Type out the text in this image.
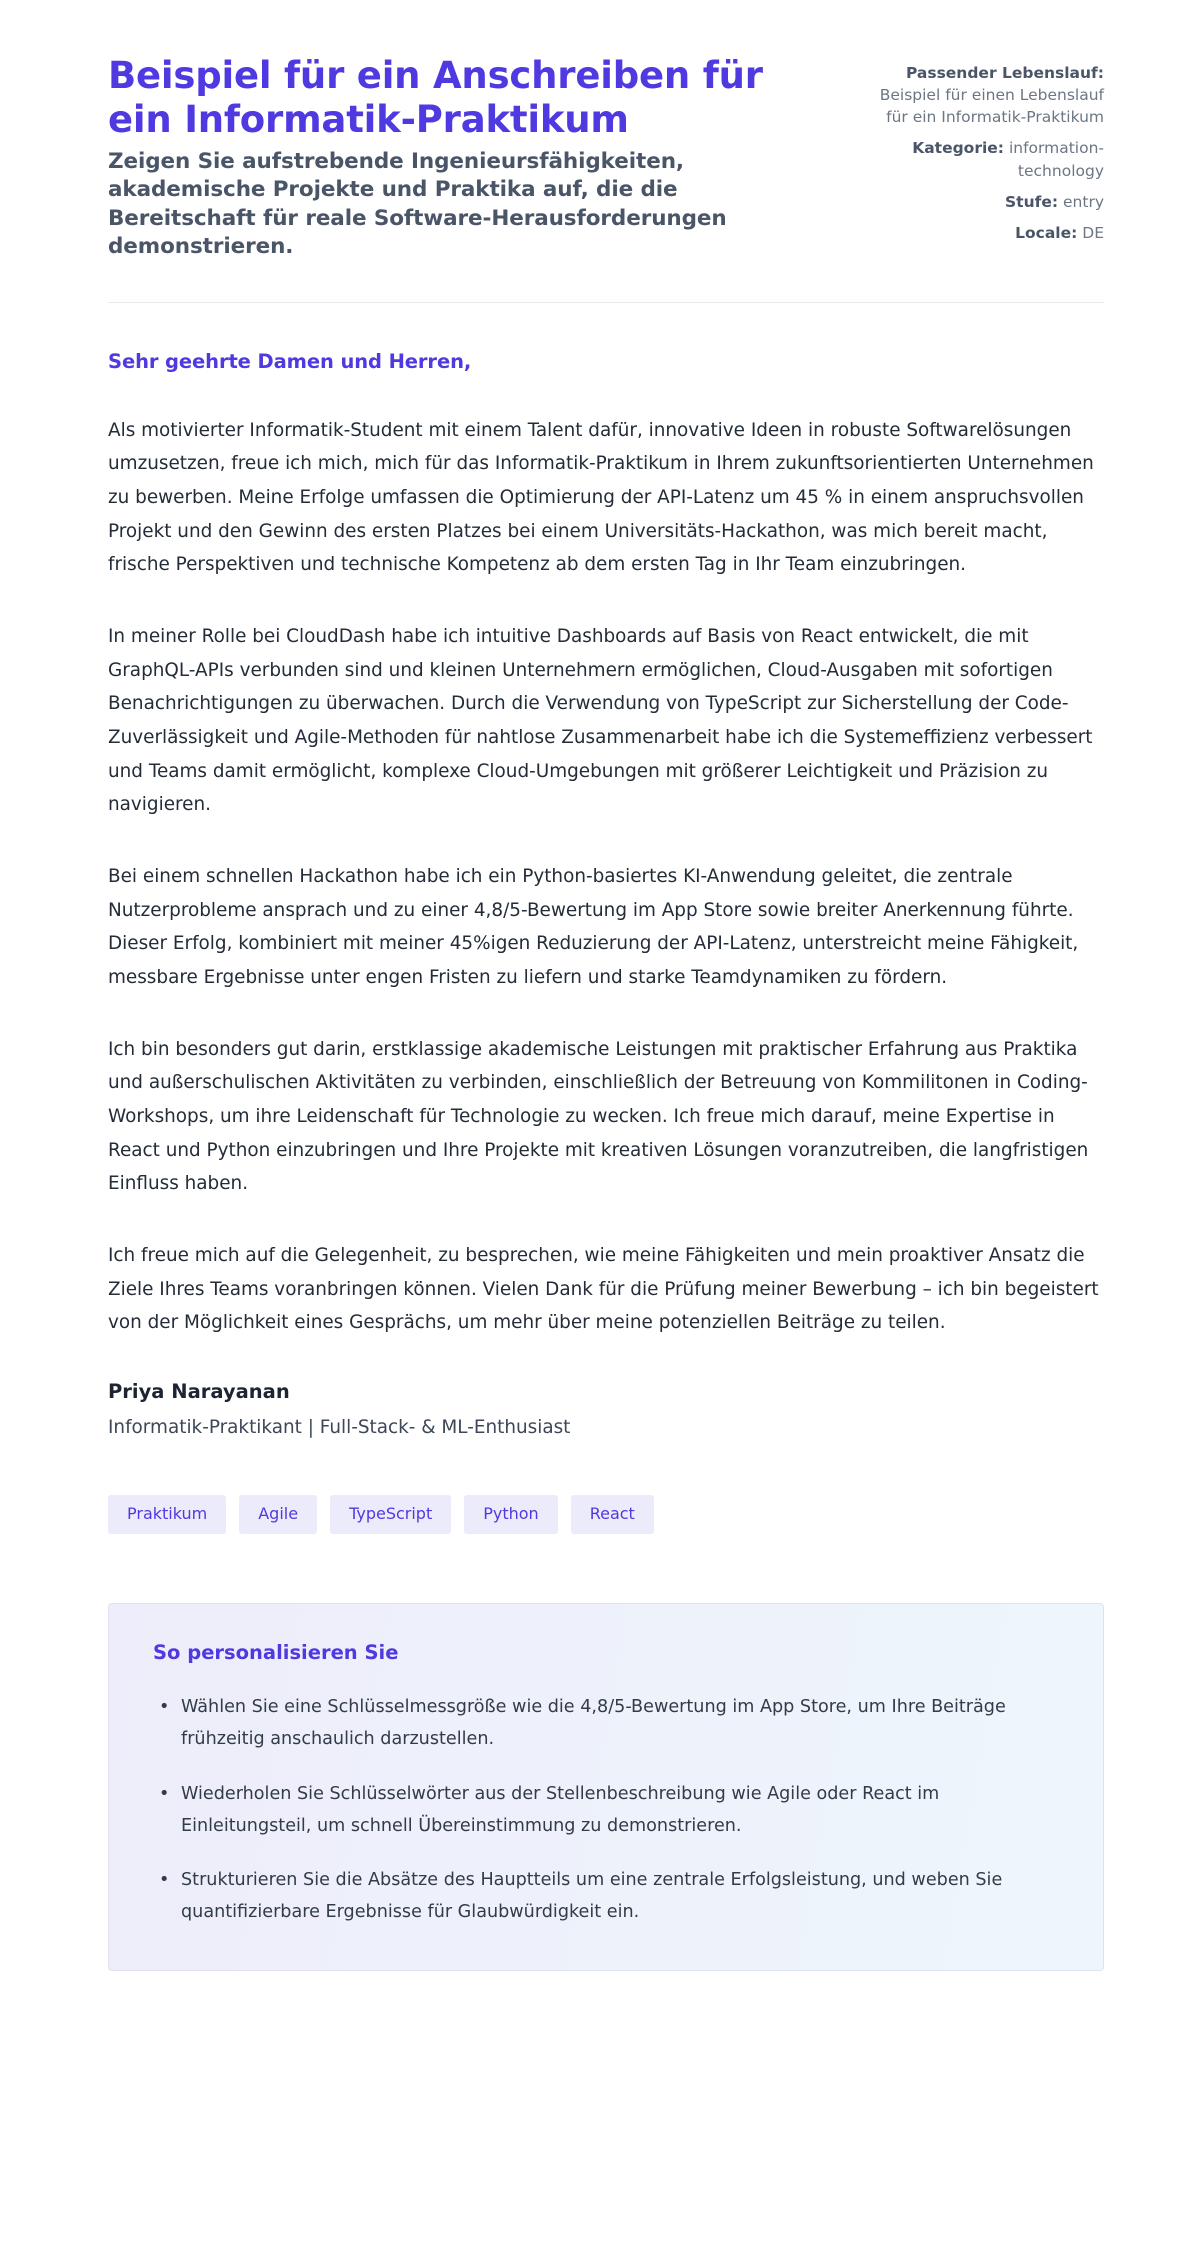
Beispiel für ein Anschreiben für ein Informatik-Praktikum

Zeigen Sie aufstrebende Ingenieursfähigkeiten, akademische Projekte und Praktika auf, die die Bereitschaft für reale Software-Herausforderungen demonstrieren.

Passender Lebenslauf: Beispiel für einen Lebenslauf für ein Informatik-Praktikum
Kategorie: information-technology
Stufe: entry
Locale: DE

Sehr geehrte Damen und Herren,

Als motivierter Informatik-Student mit einem Talent dafür, innovative Ideen in robuste Softwarelösungen umzusetzen, freue ich mich, mich für das Informatik-Praktikum in Ihrem zukunftsorientierten Unternehmen zu bewerben. Meine Erfolge umfassen die Optimierung der API-Latenz um 45 % in einem anspruchsvollen Projekt und den Gewinn des ersten Platzes bei einem Universitäts-Hackathon, was mich bereit macht, frische Perspektiven und technische Kompetenz ab dem ersten Tag in Ihr Team einzubringen.

In meiner Rolle bei CloudDash habe ich intuitive Dashboards auf Basis von React entwickelt, die mit GraphQL-APIs verbunden sind und kleinen Unternehmern ermöglichen, Cloud-Ausgaben mit sofortigen Benachrichtigungen zu überwachen. Durch die Verwendung von TypeScript zur Sicherstellung der Code-Zuverlässigkeit und Agile-Methoden für nahtlose Zusammenarbeit habe ich die Systemeffizienz verbessert und Teams damit ermöglicht, komplexe Cloud-Umgebungen mit größerer Leichtigkeit und Präzision zu navigieren.

Bei einem schnellen Hackathon habe ich ein Python-basiertes KI-Anwendung geleitet, die zentrale Nutzerprobleme ansprach und zu einer 4,8/5-Bewertung im App Store sowie breiter Anerkennung führte. Dieser Erfolg, kombiniert mit meiner 45%igen Reduzierung der API-Latenz, unterstreicht meine Fähigkeit, messbare Ergebnisse unter engen Fristen zu liefern und starke Teamdynamiken zu fördern.

Ich bin besonders gut darin, erstklassige akademische Leistungen mit praktischer Erfahrung aus Praktika und außerschulischen Aktivitäten zu verbinden, einschließlich der Betreuung von Kommilitonen in Coding-Workshops, um ihre Leidenschaft für Technologie zu wecken. Ich freue mich darauf, meine Expertise in React und Python einzubringen und Ihre Projekte mit kreativen Lösungen voranzutreiben, die langfristigen Einfluss haben.

Ich freue mich auf die Gelegenheit, zu besprechen, wie meine Fähigkeiten und mein proaktiver Ansatz die Ziele Ihres Teams voranbringen können. Vielen Dank für die Prüfung meiner Bewerbung – ich bin begeistert von der Möglichkeit eines Gesprächs, um mehr über meine potenziellen Beiträge zu teilen.

Priya Narayanan
Informatik-Praktikant | Full-Stack- & ML-Enthusiast
Praktikum	Agile	TypeScript	Python	React
So personalisieren Sie
• Wählen Sie eine Schlüsselmessgröße wie die 4,8/5-Bewertung im App Store, um Ihre Beiträge frühzeitig anschaulich darzustellen.
• Wiederholen Sie Schlüsselwörter aus der Stellenbeschreibung wie Agile oder React im Einleitungsteil, um schnell Übereinstimmung zu demonstrieren.
• Strukturieren Sie die Absätze des Hauptteils um eine zentrale Erfolgsleistung, und weben Sie quantifizierbare Ergebnisse für Glaubwürdigkeit ein.
